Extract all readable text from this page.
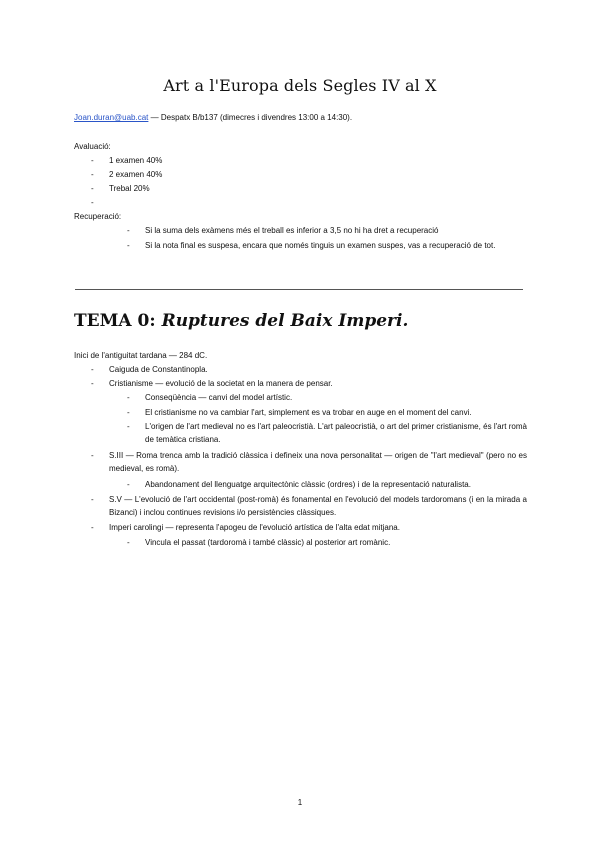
Art a l'Europa dels Segles IV al X
Joan.duran@uab.cat — Despatx B/b137 (dimecres i divendres 13:00 a 14:30).
Avaluació:
- 1 examen 40%
- 2 examen 40%
- Trebal 20%
-
Recuperació:
- Si la suma dels exàmens més el treball es inferior a 3,5 no hi ha dret a recuperació
- Si la nota final es suspesa, encara que només tinguis un examen suspes, vas a recuperació de tot.
TEMA 0: Ruptures del Baix Imperi.
Inici de l'antiguitat tardana — 284 dC.
- Caiguda de Constantinopla.
- Cristianisme — evolució de la societat en la manera de pensar.
- Conseqüència — canvi del model artístic.
- El cristianisme no va cambiar l'art, simplement es va trobar en auge en el moment del canvi.
- L'origen de l'art medieval no es l'art paleocristià. L'art paleocristià, o art del primer cristianisme, és l'art romà de temàtica cristiana.
- S.III — Roma trenca amb la tradició clàssica i defineix una nova personalitat — origen de "l'art medieval" (pero no es medieval, es romà).
- Abandonament del llenguatge arquitectònic clàssic (ordres) i de la representació naturalista.
- S.V — L'evolució de l'art occidental (post-romà) és fonamental en l'evolució del models tardoromans (i en la mirada a Bizanci) i inclou continues revisions i/o persistències clàssiques.
- Imperi carolingi — representa l'apogeu de l'evolució artística de l'alta edat mitjana.
- Vincula el passat (tardoromà i també clàssic) al posterior art romànic.
1
